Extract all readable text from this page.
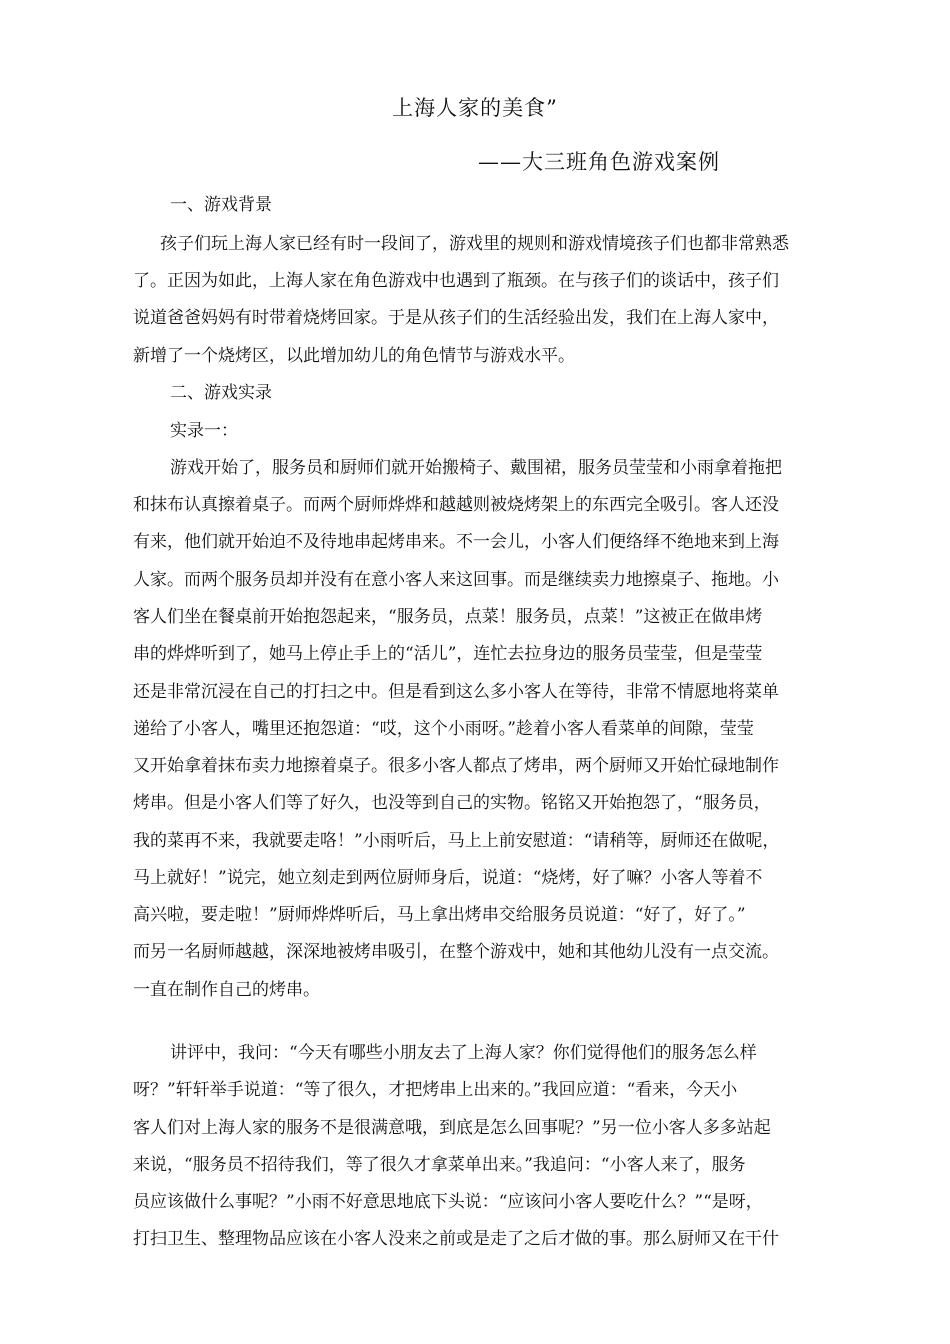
上海人家的美食”
——大三班角色游戏案例
一、游戏背景
孩子们玩上海人家已经有时一段间了，游戏里的规则和游戏情境孩子们也都非常熟悉
了。正因为如此，上海人家在角色游戏中也遇到了瓶颈。在与孩子们的谈话中，孩子们
说道爸爸妈妈有时带着烧烤回家。于是从孩子们的生活经验出发，我们在上海人家中，
新增了一个烧烤区，以此增加幼儿的角色情节与游戏水平。
二、游戏实录
实录一：
游戏开始了，服务员和厨师们就开始搬椅子、戴围裙，服务员莹莹和小雨拿着拖把
和抹布认真擦着桌子。而两个厨师烨烨和越越则被烧烤架上的东西完全吸引。客人还没
有来，他们就开始迫不及待地串起烤串来。不一会儿，小客人们便络绎不绝地来到上海
人家。而两个服务员却并没有在意小客人来这回事。而是继续卖力地擦桌子、拖地。小
客人们坐在餐桌前开始抱怨起来，“服务员，点菜！服务员，点菜！”这被正在做串烤
串的烨烨听到了，她马上停止手上的“活儿”，连忙去拉身边的服务员莹莹，但是莹莹
还是非常沉浸在自己的打扫之中。但是看到这么多小客人在等待，非常不情愿地将菜单
递给了小客人，嘴里还抱怨道：“哎，这个小雨呀。”趁着小客人看菜单的间隙，莹莹
又开始拿着抹布卖力地擦着桌子。很多小客人都点了烤串，两个厨师又开始忙碌地制作
烤串。但是小客人们等了好久，也没等到自己的实物。铭铭又开始抱怨了，“服务员，
我的菜再不来，我就要走咯！”小雨听后，马上上前安慰道：“请稍等，厨师还在做呢，
马上就好！”说完，她立刻走到两位厨师身后，说道：“烧烤，好了嘛？小客人等着不
高兴啦，要走啦！”厨师烨烨听后，马上拿出烤串交给服务员说道：“好了，好了。”
而另一名厨师越越，深深地被烤串吸引，在整个游戏中，她和其他幼儿没有一点交流。
一直在制作自己的烤串。
讲评中，我问：“今天有哪些小朋友去了上海人家？你们觉得他们的服务怎么样
呀？”轩轩举手说道：“等了很久，才把烤串上出来的。”我回应道：“看来，今天小
客人们对上海人家的服务不是很满意哦，到底是怎么回事呢？”另一位小客人多多站起
来说，“服务员不招待我们，等了很久才拿菜单出来。”我追问：“小客人来了，服务
员应该做什么事呢？”小雨不好意思地底下头说：“应该问小客人要吃什么？”“是呀，
打扫卫生、整理物品应该在小客人没来之前或是走了之后才做的事。那么厨师又在干什
